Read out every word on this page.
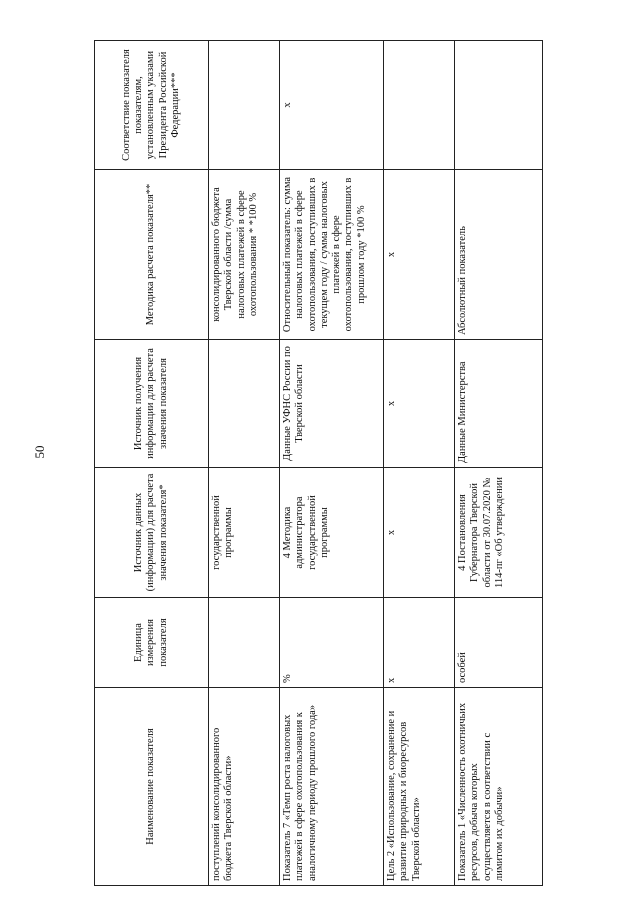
50
Наименование показателя	Единица измерения показателя	Источник данных (информации) для расчета значения показателя*	Источник получения информации для расчета значения показателя	Методика расчета показателя**	Соответствие показателя показателям, установленным указами Президента Российской Федерации***
поступлений консолидированного бюджета Тверской области»		государственной программы		консолидированного бюджета Тверской области /сумма налоговых платежей в сфере охотопользования * *100 %	
Показатель 7 «Темп роста налоговых платежей в сфере охотопользования к аналогичному периоду прошлого года»	%	4 Методика администратора государственной программы	Данные УФНС России по Тверской области	Относительный показатель: сумма налоговых платежей в сфере охотопользования, поступивших в текущем году / сумма налоговых платежей в сфере охотопользования, поступивших в прошлом году *100 %	х
Цель 2 «Использование, сохранение и развитие природных и биоресурсов Тверской области»	х	х	х	х	
Показатель 1 «Численность охотничьих ресурсов, добыча которых осуществляется в соответствии с лимитом их добычи»	особей	4 Постановления Губернатора Тверской области от 30.07.2020 № 114-пг «Об утверждении	Данные Министерства	Абсолютный показатель	
